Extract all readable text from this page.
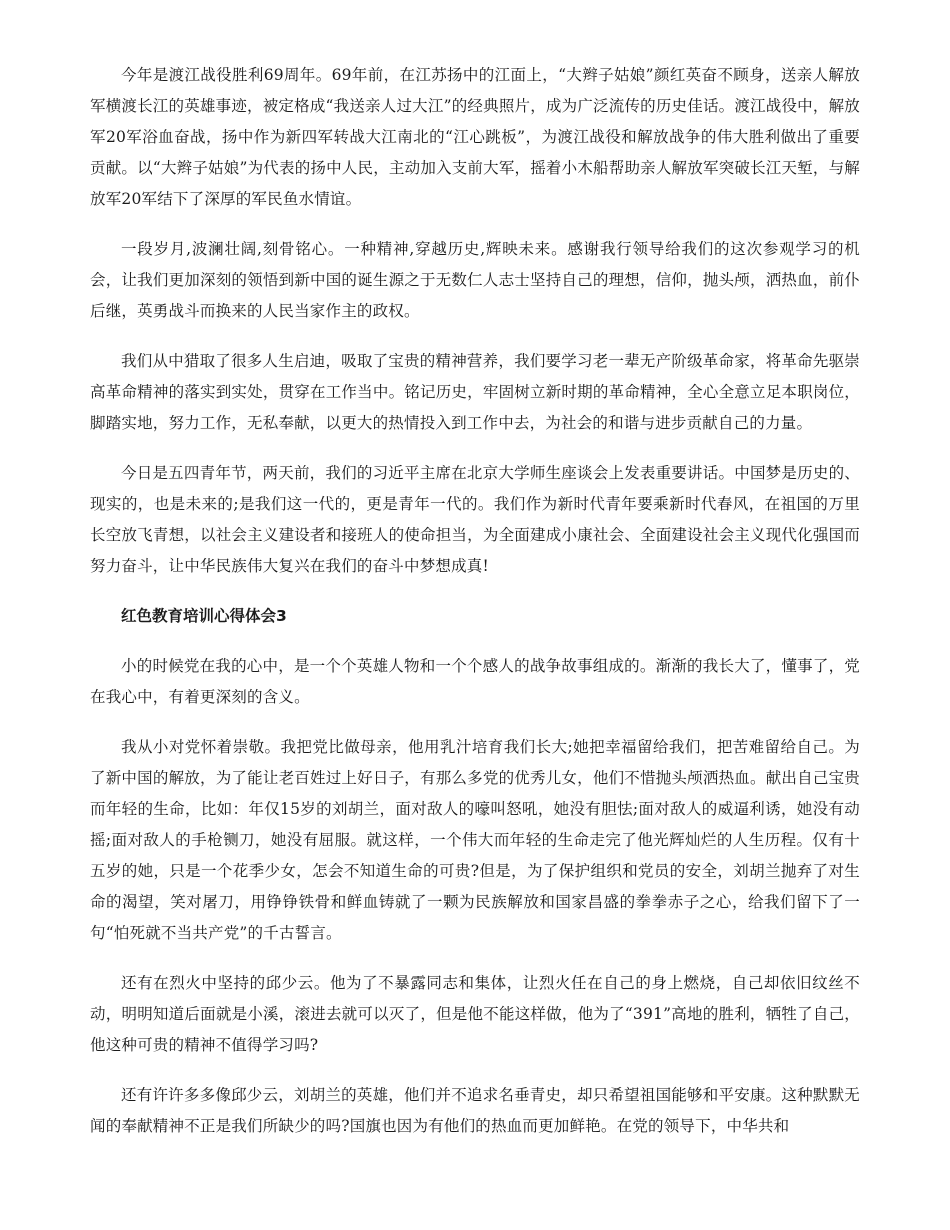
今年是渡江战役胜利69周年。69年前，在江苏扬中的江面上，“大辫子姑娘”颜红英奋不顾身，送亲人解放军横渡长江的英雄事迹，被定格成“我送亲人过大江”的经典照片，成为广泛流传的历史佳话。渡江战役中，解放军20军浴血奋战，扬中作为新四军转战大江南北的“江心跳板”，为渡江战役和解放战争的伟大胜利做出了重要贡献。以“大辫子姑娘”为代表的扬中人民，主动加入支前大军，摇着小木船帮助亲人解放军突破长江天堑，与解放军20军结下了深厚的军民鱼水情谊。

一段岁月,波澜壮阔,刻骨铭心。一种精神,穿越历史,辉映未来。感谢我行领导给我们的这次参观学习的机会，让我们更加深刻的领悟到新中国的诞生源之于无数仁人志士坚持自己的理想，信仰，抛头颅，洒热血，前仆后继，英勇战斗而换来的人民当家作主的政权。

我们从中猎取了很多人生启迪，吸取了宝贵的精神营养，我们要学习老一辈无产阶级革命家，将革命先驱崇高革命精神的落实到实处，贯穿在工作当中。铭记历史，牢固树立新时期的革命精神，全心全意立足本职岗位，脚踏实地，努力工作，无私奉献，以更大的热情投入到工作中去，为社会的和谐与进步贡献自己的力量。

今日是五四青年节，两天前，我们的习近平主席在北京大学师生座谈会上发表重要讲话。中国梦是历史的、现实的，也是未来的;是我们这一代的，更是青年一代的。我们作为新时代青年要乘新时代春风，在祖国的万里长空放飞青想，以社会主义建设者和接班人的使命担当，为全面建成小康社会、全面建设社会主义现代化强国而努力奋斗，让中华民族伟大复兴在我们的奋斗中梦想成真!

红色教育培训心得体会3

小的时候党在我的心中，是一个个英雄人物和一个个感人的战争故事组成的。渐渐的我长大了，懂事了，党在我心中，有着更深刻的含义。

我从小对党怀着崇敬。我把党比做母亲，他用乳汁培育我们长大;她把幸福留给我们，把苦难留给自己。为了新中国的解放，为了能让老百姓过上好日子，有那么多党的优秀儿女，他们不惜抛头颅洒热血。献出自己宝贵而年轻的生命，比如：年仅15岁的刘胡兰，面对敌人的嚎叫怒吼，她没有胆怯;面对敌人的威逼利诱，她没有动摇;面对敌人的手枪铡刀，她没有屈服。就这样，一个伟大而年轻的生命走完了他光辉灿烂的人生历程。仅有十五岁的她，只是一个花季少女，怎会不知道生命的可贵?但是，为了保护组织和党员的安全，刘胡兰抛弃了对生命的渴望，笑对屠刀，用铮铮铁骨和鲜血铸就了一颗为民族解放和国家昌盛的拳拳赤子之心，给我们留下了一句“怕死就不当共产党”的千古誓言。

还有在烈火中坚持的邱少云。他为了不暴露同志和集体，让烈火任在自己的身上燃烧，自己却依旧纹丝不动，明明知道后面就是小溪，滚进去就可以灭了，但是他不能这样做，他为了“391”高地的胜利，牺牲了自己，他这种可贵的精神不值得学习吗?

还有许许多多像邱少云，刘胡兰的英雄，他们并不追求名垂青史，却只希望祖国能够和平安康。这种默默无闻的奉献精神不正是我们所缺少的吗?国旗也因为有他们的热血而更加鲜艳。在党的领导下，中华共和
